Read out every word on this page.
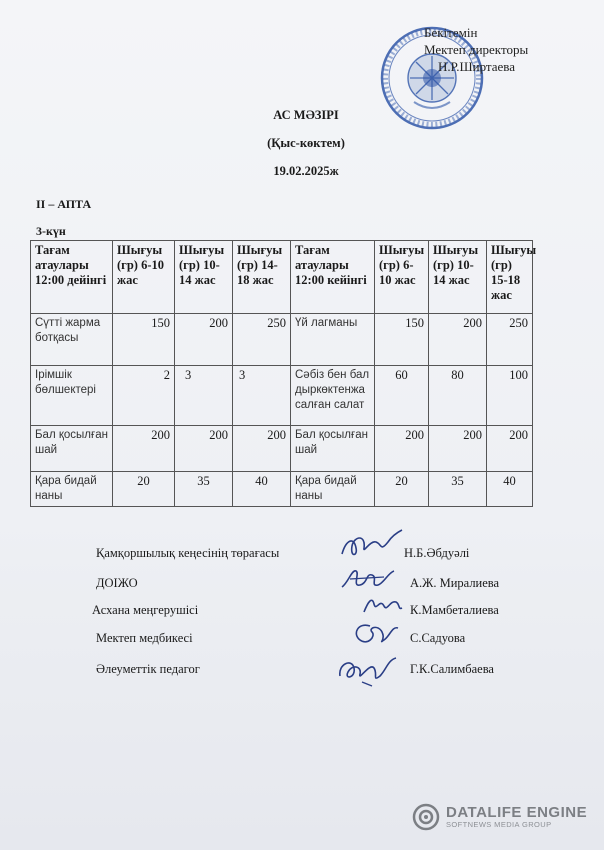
Бекітемін
Мектеп директоры
Н.Р.Ширтаева
АС МӘЗІРІ
(Қыс-көктем)
19.02.2025ж
II – АПТА
3-күн
Тағам атаулары 12:00 дейінгі	Шығуы (гр) 6-10 жас	Шығуы (гр) 10-14 жас	Шығуы (гр) 14-18 жас	Тағам атаулары 12:00 кейінгі	Шығуы (гр) 6-10 жас	Шығуы (гр) 10-14 жас	Шығуы (гр) 15-18 жас
Сүтті жарма ботқасы	150	200	250	Үй лагманы	150	200	250
Ірімшік бөлшектері	2	3	3	Сәбіз бен балдыркөктенжасалған салат	60	80	100
Бал қосылған шай	200	200	200	Бал қосылған шай	200	200	200
Қара бидай наны	20	35	40	Қара бидай наны	20	35	40
Қамқоршылық кеңесінің төрағасы	Н.Б.Әбдуәлі
ДОІЖО	А.Ж. Миралиева
Асхана меңгерушісі	К.Мамбеталиева
Мектеп медбикесі	С.Садуова
Әлеуметтік педагог	Г.К.Салимбаева
DATALIFE ENGINE
SOFTNEWS MEDIA GROUP
